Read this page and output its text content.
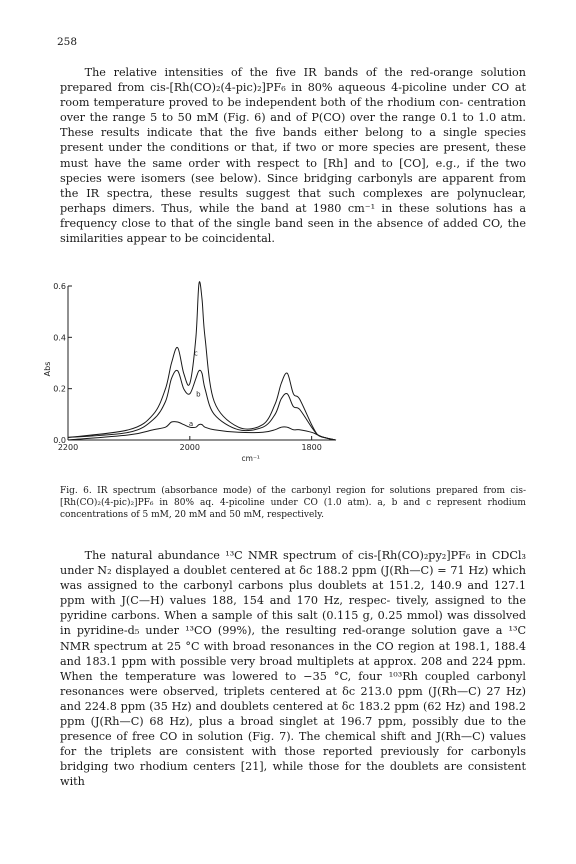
258

The relative intensities of the five IR bands of the red-orange solution prepared from cis-[Rh(CO)₂(4-pic)₂]PF₆ in 80% aqueous 4-picoline under CO at room temperature proved to be independent both of the rhodium con- centration over the range 5 to 50 mM (Fig. 6) and of P(CO) over the range 0.1 to 1.0 atm. These results indicate that the five bands either belong to a single species present under the conditions or that, if two or more species are present, these must have the same order with respect to [Rh] and to [CO], e.g., if the two species were isomers (see below). Since bridging carbonyls are apparent from the IR spectra, these results suggest that such complexes are polynuclear, perhaps dimers. Thus, while the band at 1980 cm⁻¹ in these solutions has a frequency close to that of the single band seen in the absence of added CO, the similarities appear to be coincidental.

0.6
0.4
0.2
0.0
2200	2000	1800
cm⁻¹
Abs
a
b
c

Fig. 6. IR spectrum (absorbance mode) of the carbonyl region for solutions prepared from cis-[Rh(CO)₂(4-pic)₂]PF₆ in 80% aq. 4-picoline under CO (1.0 atm). a, b and c represent rhodium concentrations of 5 mM, 20 mM and 50 mM, respectively.

The natural abundance ¹³C NMR spectrum of cis-[Rh(CO)₂py₂]PF₆ in CDCl₃ under N₂ displayed a doublet centered at δc 188.2 ppm (J(Rh—C) = 71 Hz) which was assigned to the carbonyl carbons plus doublets at 151.2, 140.9 and 127.1 ppm with J(C—H) values 188, 154 and 170 Hz, respec- tively, assigned to the pyridine carbons. When a sample of this salt (0.115 g, 0.25 mmol) was dissolved in pyridine-d₅ under ¹³CO (99%), the resulting red-orange solution gave a ¹³C NMR spectrum at 25 °C with broad resonances in the CO region at 198.1, 188.4 and 183.1 ppm with possible very broad multiplets at approx. 208 and 224 ppm. When the temperature was lowered to −35 °C, four ¹⁰³Rh coupled carbonyl resonances were observed, triplets centered at δc 213.0 ppm (J(Rh—C) 27 Hz) and 224.8 ppm (35 Hz) and doublets centered at δc 183.2 ppm (62 Hz) and 198.2 ppm (J(Rh—C) 68 Hz), plus a broad singlet at 196.7 ppm, possibly due to the presence of free CO in solution (Fig. 7). The chemical shift and J(Rh—C) values for the triplets are consistent with those reported previously for carbonyls bridging two rhodium centers [21], while those for the doublets are consistent with
